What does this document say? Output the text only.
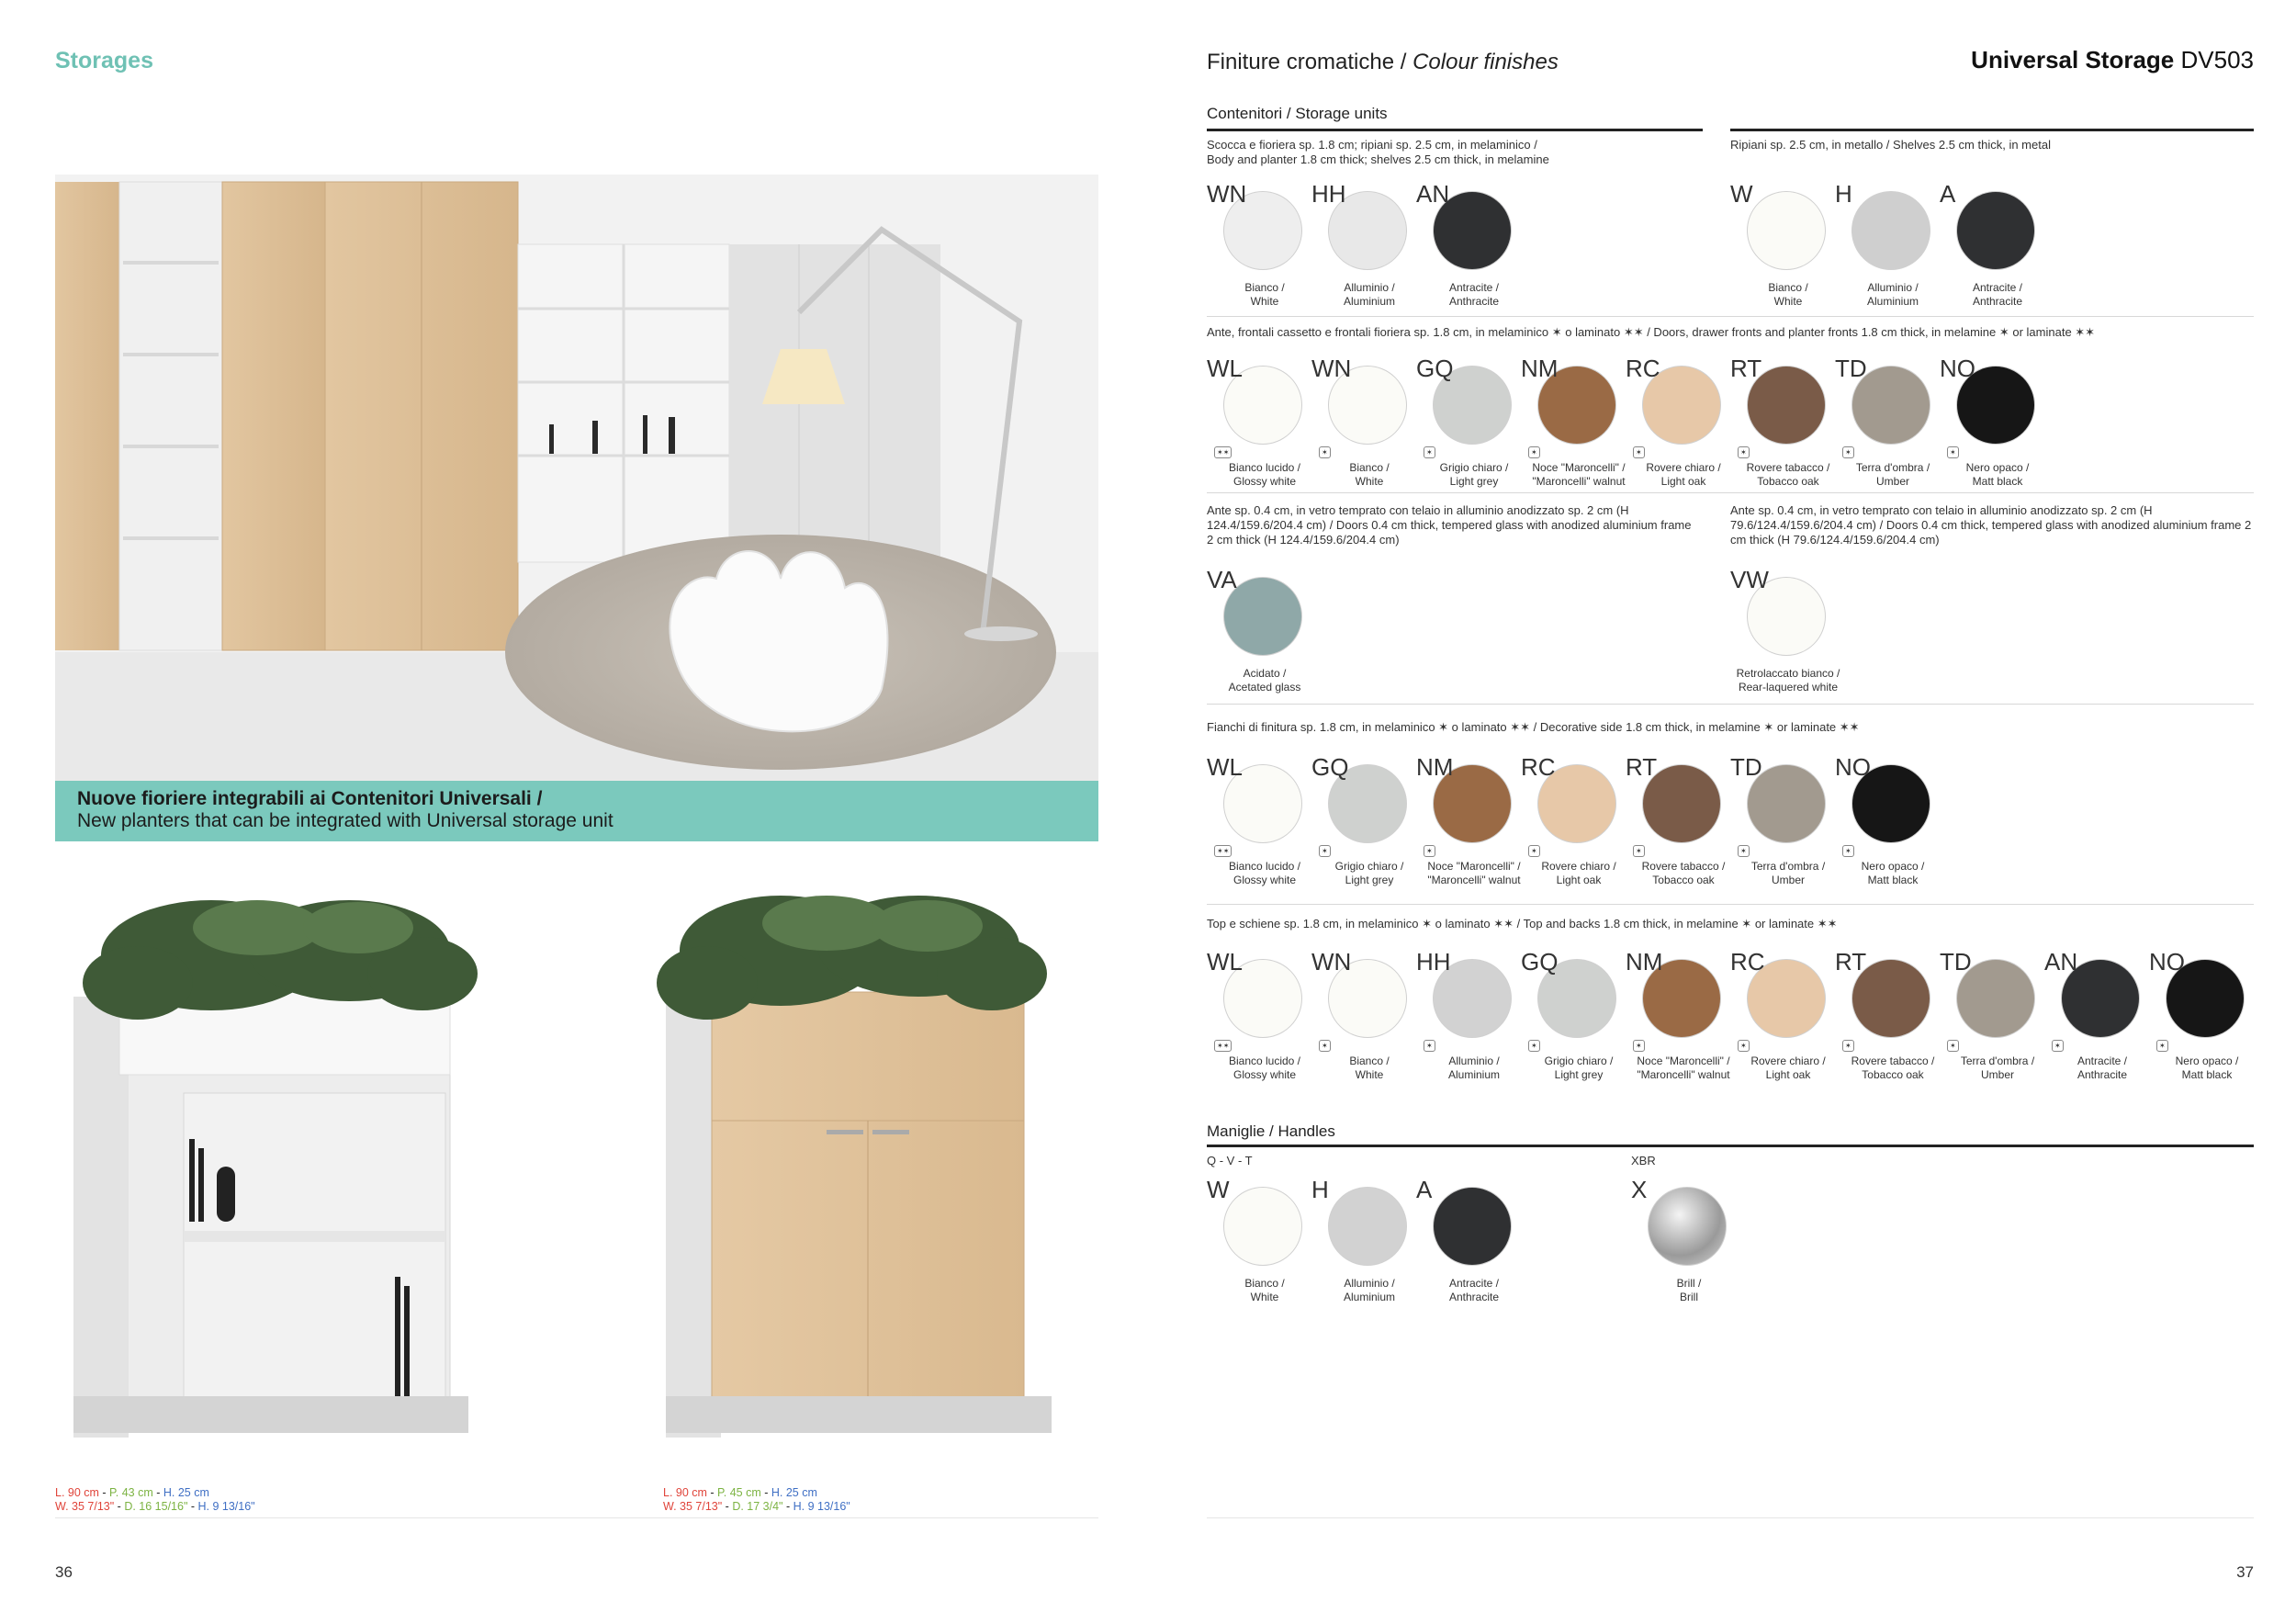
Storages
Nuove fioriere integrabili ai Contenitori Universali /
New planters that can be integrated with Universal storage unit
L. 90 cm - P. 43 cm - H. 25 cm
W. 35 7/13" - D. 16 15/16" - H. 9 13/16"
L. 90 cm - P. 45 cm - H. 25 cm
W. 35 7/13" - D. 17 3/4" - H. 9 13/16"
36
Finiture cromatiche / Colour finishes	Universal Storage DV503
Contenitori / Storage units
Scocca e fioriera sp. 1.8 cm; ripiani sp. 2.5 cm, in melaminico /
Body and planter 1.8 cm thick; shelves 2.5 cm thick, in melamine
Ripiani sp. 2.5 cm, in metallo / Shelves 2.5 cm thick, in metal
WN
Bianco /
White
HH
Alluminio /
Aluminium
AN
Antracite /
Anthracite
W
Bianco /
White
H
Alluminio /
Aluminium
A
Antracite /
Anthracite
Ante, frontali cassetto e frontali fioriera sp. 1.8 cm, in melaminico ✶ o laminato ✶✶ / Doors, drawer fronts and planter fronts 1.8 cm thick, in melamine ✶ or laminate ✶✶
WL
✶✶
Bianco lucido /
Glossy white
WN
✶
Bianco /
White
GQ
✶
Grigio chiaro /
Light grey
NM
✶
Noce "Maroncelli" /
"Maroncelli" walnut
RC
✶
Rovere chiaro /
Light oak
RT
✶
Rovere tabacco /
Tobacco oak
TD
✶
Terra d'ombra /
Umber
NO
✶
Nero opaco /
Matt black
Ante sp. 0.4 cm, in vetro temprato con telaio in alluminio anodizzato sp. 2 cm (H 124.4/159.6/204.4 cm) / Doors 0.4 cm thick, tempered glass with anodized aluminium frame 2 cm thick (H 124.4/159.6/204.4 cm)
Ante sp. 0.4 cm, in vetro temprato con telaio in alluminio anodizzato sp. 2 cm (H 79.6/124.4/159.6/204.4 cm) / Doors 0.4 cm thick, tempered glass with anodized aluminium frame 2 cm thick (H 79.6/124.4/159.6/204.4 cm)
VA
Acidato /
Acetated glass
VW
Retrolaccato bianco /
Rear-laquered white
Fianchi di finitura sp. 1.8 cm, in melaminico ✶ o laminato ✶✶ / Decorative side 1.8 cm thick, in melamine ✶ or laminate ✶✶
WL
✶✶
Bianco lucido /
Glossy white
GQ
✶
Grigio chiaro /
Light grey
NM
✶
Noce "Maroncelli" /
"Maroncelli" walnut
RC
✶
Rovere chiaro /
Light oak
RT
✶
Rovere tabacco /
Tobacco oak
TD
✶
Terra d'ombra /
Umber
NO
✶
Nero opaco /
Matt black
Top e schiene sp. 1.8 cm, in melaminico ✶ o laminato ✶✶ / Top and backs 1.8 cm thick, in melamine ✶ or laminate ✶✶
WL
✶✶
Bianco lucido /
Glossy white
WN
✶
Bianco /
White
HH
✶
Alluminio /
Aluminium
GQ
✶
Grigio chiaro /
Light grey
NM
✶
Noce "Maroncelli" /
"Maroncelli" walnut
RC
✶
Rovere chiaro /
Light oak
RT
✶
Rovere tabacco /
Tobacco oak
TD
✶
Terra d'ombra /
Umber
AN
✶
Antracite /
Anthracite
NO
✶
Nero opaco /
Matt black
Maniglie / Handles
Q - V - T	XBR
W
Bianco /
White
H
Alluminio /
Aluminium
A
Antracite /
Anthracite
X
Brill /
Brill
37
